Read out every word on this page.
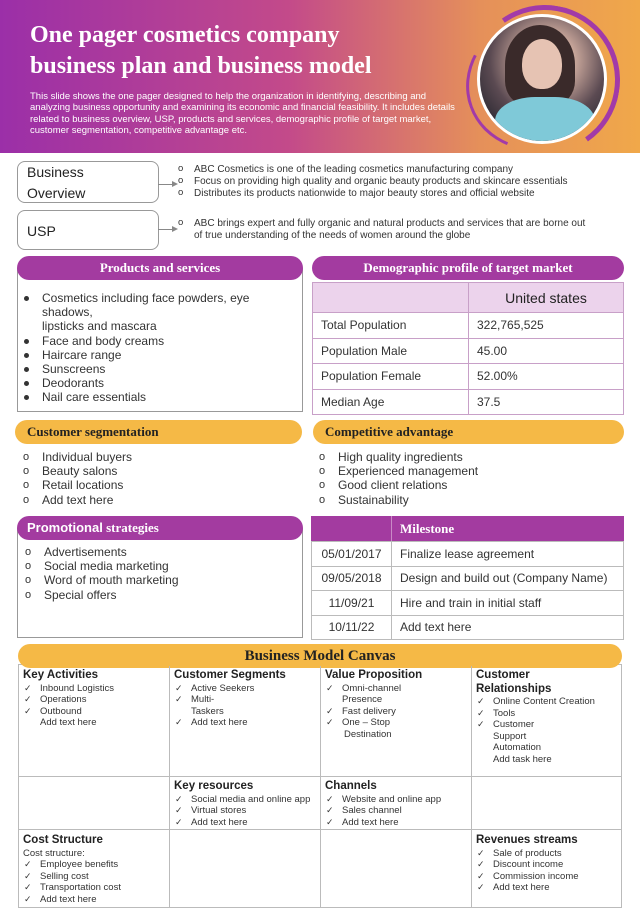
One pager cosmetics company
business plan and business model
This slide shows the one pager designed to help the organization in identifying, describing and analyzing business opportunity and examining its economic and financial feasibility. It includes details related to business overview, USP, products and services, demographic profile of target market, customer segmentation, competitive advantage etc.
Business
Overview
o ABC Cosmetics is one of the leading cosmetics manufacturing company
o Focus on providing high quality and organic beauty products and skincare essentials
o Distributes its products nationwide to major beauty stores and official website
USP	o ABC brings expert and fully organic and natural products and services that are borne out
of true understanding of the needs of women around the globe
Products and services
Cosmetics including face powders, eye shadows,
lipsticks and mascara
Face and body creams
Haircare range
Sunscreens
Deodorants
Nail care essentials
Demographic profile of target market
	United states
Total Population	322,765,525
Population Male	45.00
Population Female	52.00%
Median Age	37.5
Customer segmentation
o Individual buyers
o Beauty salons
o Retail locations
o Add text here
Competitive advantage
o High quality ingredients
o Experienced management
o Good client relations
o Sustainability
Promotional strategies
o Advertisements
o Social media marketing
o Word of mouth marketing
o Special offers
Milestone
05/01/2017	Finalize lease agreement
09/05/2018	Design and build out (Company Name)
11/09/21	Hire and train in initial staff
10/11/22	Add text here
Business Model Canvas
Key Activities
✓ Inbound Logistics
✓ Operations
✓ Outbound
Add text here
Customer Segments
✓ Active Seekers
✓ Multi-
Taskers
✓ Add text here
Value Proposition
✓ Omni-channel
Presence
✓ Fast delivery
✓ One – Stop
Destination
Customer
Relationships
✓ Online Content Creation
✓ Tools
✓ Customer
Support
Automation
Add task here
Key resources
✓ Social media and online app
✓ Virtual stores
✓ Add text here
Channels
✓ Website and online app
✓ Sales channel
✓ Add text here
Cost Structure
Cost structure:
✓ Employee benefits
✓ Selling cost
✓ Transportation cost
✓ Add text here
Revenues streams
✓ Sale of products
✓ Discount income
✓ Commission income
✓ Add text here
